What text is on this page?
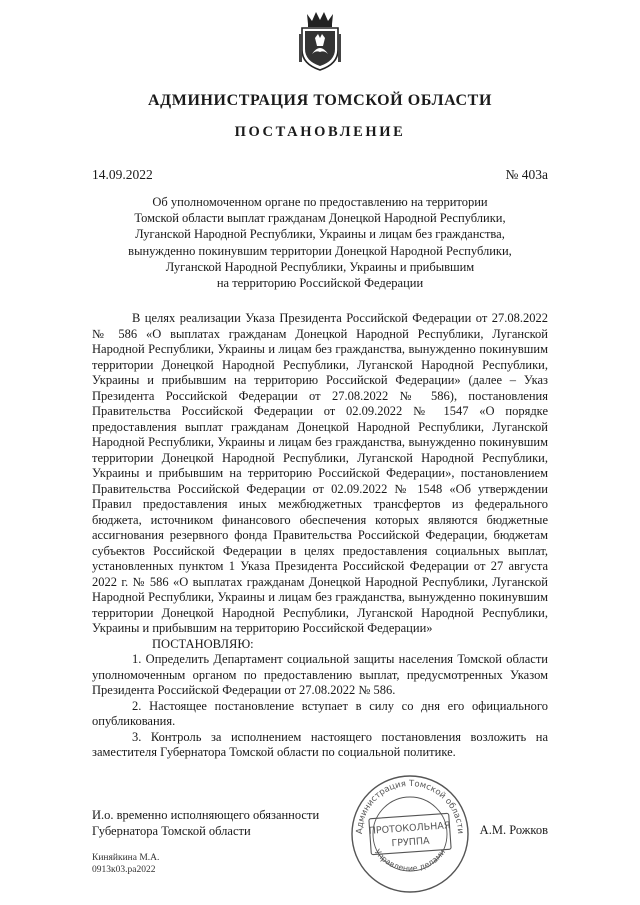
АДМИНИСТРАЦИЯ ТОМСКОЙ ОБЛАСТИ
ПОСТАНОВЛЕНИЕ
14.09.2022	№ 403а
Об уполномоченном органе по предоставлению на территории
Томской области выплат гражданам Донецкой Народной Республики,
Луганской Народной Республики, Украины и лицам без гражданства,
вынужденно покинувшим территории Донецкой Народной Республики,
Луганской Народной Республики, Украины и прибывшим
на территорию Российской Федерации

В целях реализации Указа Президента Российской Федерации от 27.08.2022 № 586 «О выплатах гражданам Донецкой Народной Республики, Луганской Народной Республики, Украины и лицам без гражданства, вынужденно покинувшим территории Донецкой Народной Республики, Луганской Народной Республики, Украины и прибывшим на территорию Российской Федерации» (далее – Указ Президента Российской Федерации от 27.08.2022 № 586), постановления Правительства Российской Федерации от 02.09.2022 № 1547 «О порядке предоставления выплат гражданам Донецкой Народной Республики, Луганской Народной Республики, Украины и лицам без гражданства, вынужденно покинувшим территории Донецкой Народной Республики, Луганской Народной Республики, Украины и прибывшим на территорию Российской Федерации», постановлением Правительства Российской Федерации от 02.09.2022 № 1548 «Об утверждении Правил предоставления иных межбюджетных трансфертов из федерального бюджета, источником финансового обеспечения которых являются бюджетные ассигнования резервного фонда Правительства Российской Федерации, бюджетам субъектов Российской Федерации в целях предоставления социальных выплат, установленных пунктом 1 Указа Президента Российской Федерации от 27 августа 2022 г. № 586 «О выплатах гражданам Донецкой Народной Республики, Луганской Народной Республики, Украины и лицам без гражданства, вынужденно покинувшим территории Донецкой Народной Республики, Луганской Народной Республики, Украины и прибывшим на территорию Российской Федерации»

ПОСТАНОВЛЯЮ:

1. Определить Департамент социальной защиты населения Томской области уполномоченным органом по предоставлению выплат, предусмотренных Указом Президента Российской Федерации от 27.08.2022 № 586.

2. Настоящее постановление вступает в силу со дня его официального опубликования.

3. Контроль за исполнением настоящего постановления возложить на заместителя Губернатора Томской области по социальной политике.

И.о. временно исполняющего обязанности
Губернатора Томской области	Администрация Томской области
Управление делами
ПРОТОКОЛЬНАЯ
ГРУППА
А.М. Рожков
Киняйкина М.А.
0913к03.ра2022
